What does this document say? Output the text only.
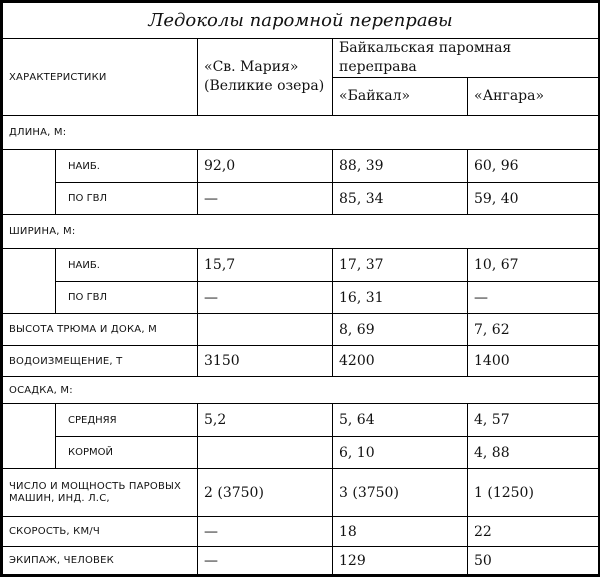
Ледоколы паромной переправы				
ХАРАКТЕРИСТИКИ		«Св. Мария» (Великие озера)	Байкальская паромная переправа	
			«Байкал»	«Ангара»
ДЛИНА, М:				
	НАИБ.	92,0	88, 39	60, 96
	ПО ГВЛ	—	85, 34	59, 40
ШИРИНА, М:				
	НАИБ.	15,7	17, 37	10, 67
	ПО ГВЛ	—	16, 31	—
ВЫСОТА ТРЮМА И ДОКА, М			8, 69	7, 62
ВОДОИЗМЕЩЕНИЕ, Т		3150	4200	1400
ОСАДКА, М:				
	СРЕДНЯЯ	5,2	5, 64	4, 57
	КОРМОЙ		6, 10	4, 88
ЧИСЛО И МОЩНОСТЬ ПАРОВЫХ МАШИН, ИНД. Л.С,		2 (3750)	3 (3750)	1 (1250)
СКОРОСТЬ, КМ/Ч		—	18	22
ЭКИПАЖ, ЧЕЛОВЕК		—	129	50
